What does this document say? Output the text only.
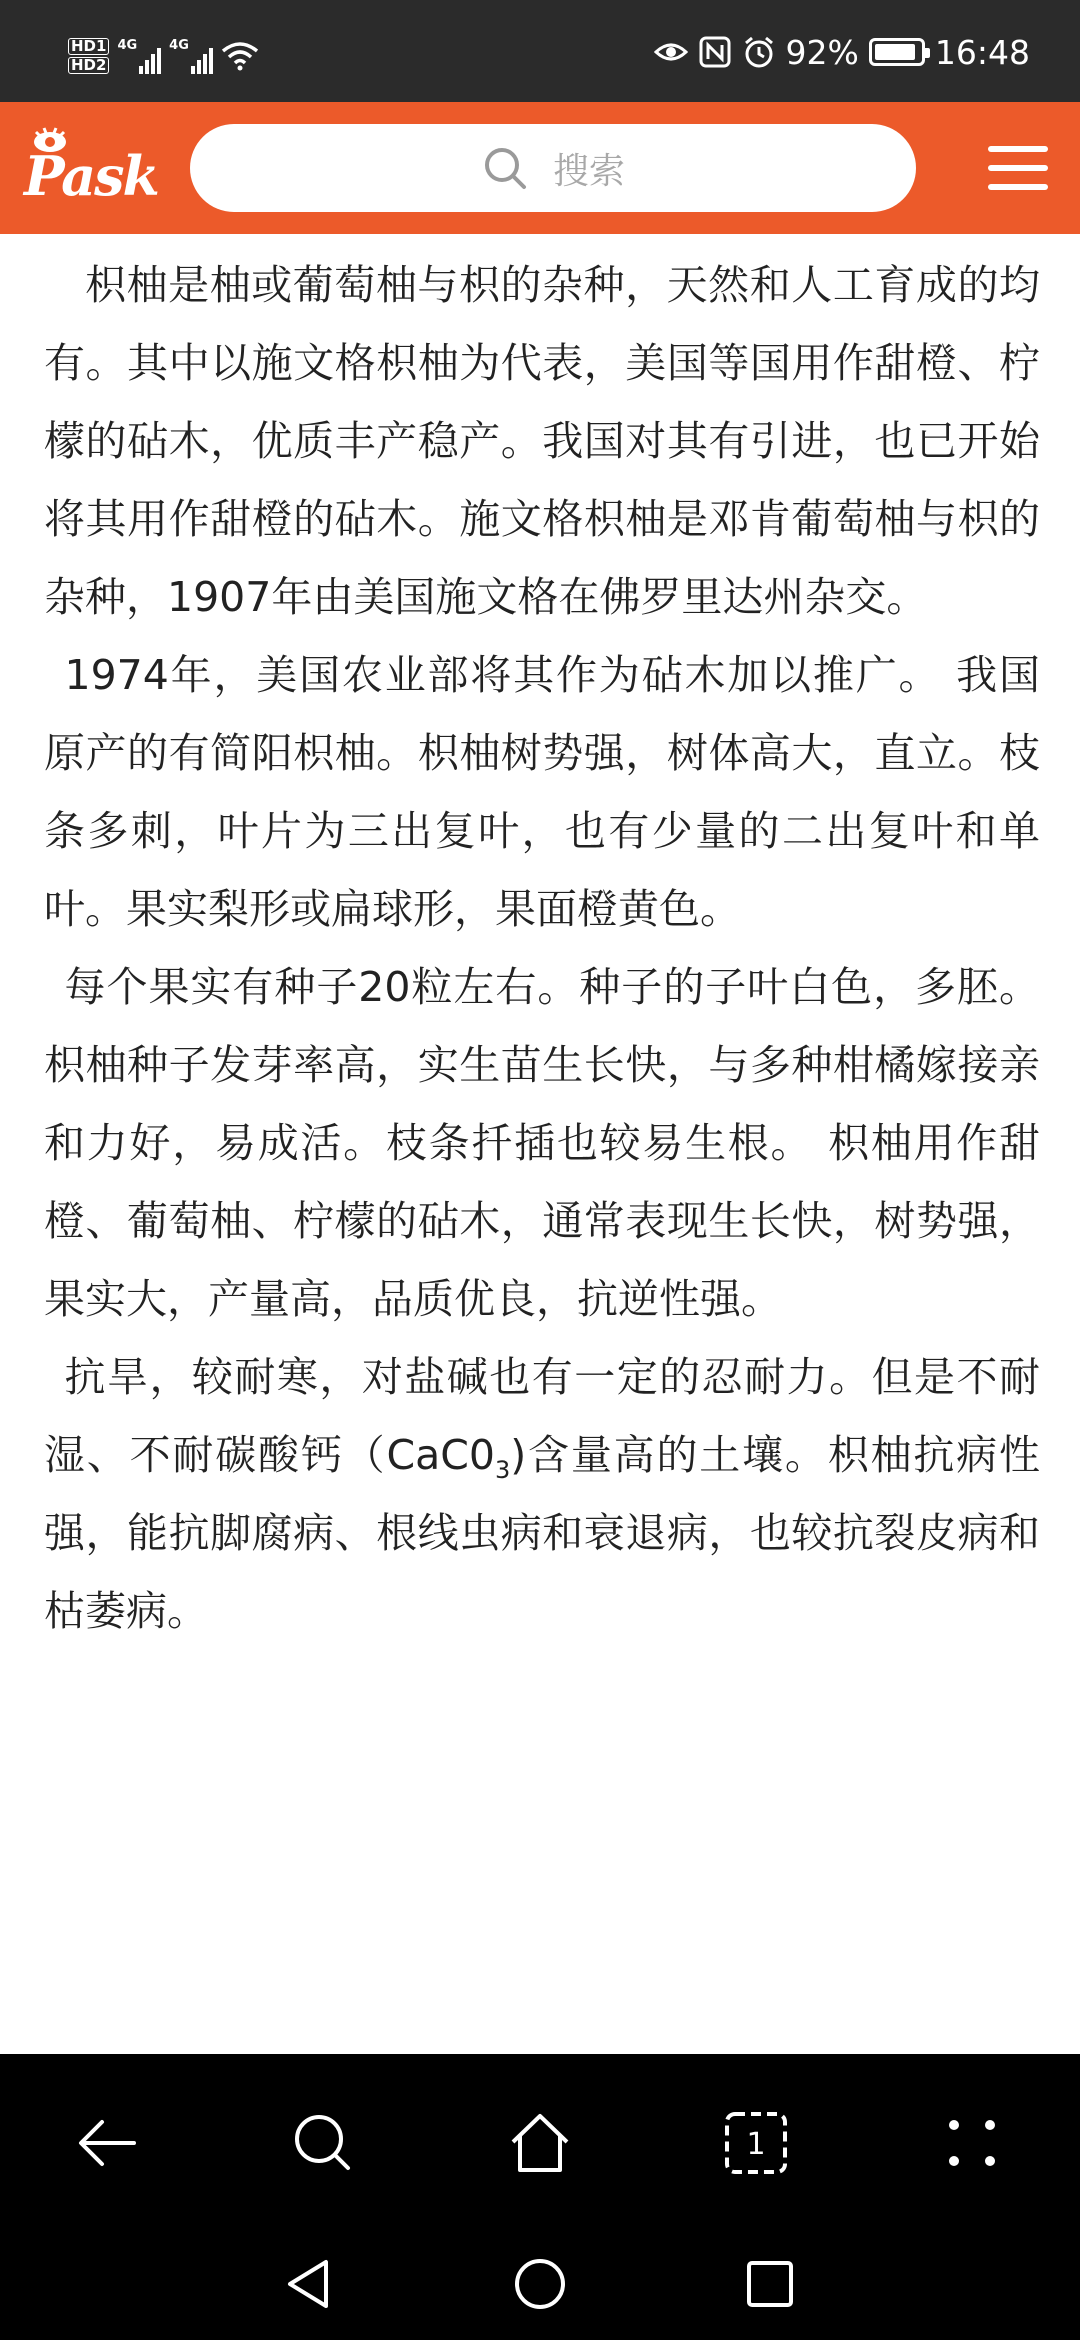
HD1
HD2
4G 4G	92% 16:48
Pask	搜索

枳柚是柚或葡萄柚与枳的杂种，天然和人工育成的均有。其中以施文格枳柚为代表，美国等国用作甜橙、柠檬的砧木，优质丰产稳产。我国对其有引进，也已开始将其用作甜橙的砧木。施文格枳柚是邓肯葡萄柚与枳的杂种，1907年由美国施文格在佛罗里达州杂交。

1974年，美国农业部将其作为砧木加以推广。 我国原产的有简阳枳柚。枳柚树势强，树体高大，直立。枝条多刺，叶片为三出复叶，也有少量的二出复叶和单叶。果实梨形或扁球形，果面橙黄色。

每个果实有种子20粒左右。种子的子叶白色，多胚。枳柚种子发芽率高，实生苗生长快，与多种柑橘嫁接亲和力好，易成活。枝条扦插也较易生根。 枳柚用作甜橙、葡萄柚、柠檬的砧木，通常表现生长快，树势强，果实大，产量高，品质优良，抗逆性强。

抗旱，较耐寒，对盐碱也有一定的忍耐力。但是不耐湿、不耐碳酸钙$(CaC0_3)$含量高的土壤。枳柚抗病性强，能抗脚腐病、根线虫病和衰退病，也较抗裂皮病和枯萎病。

1
